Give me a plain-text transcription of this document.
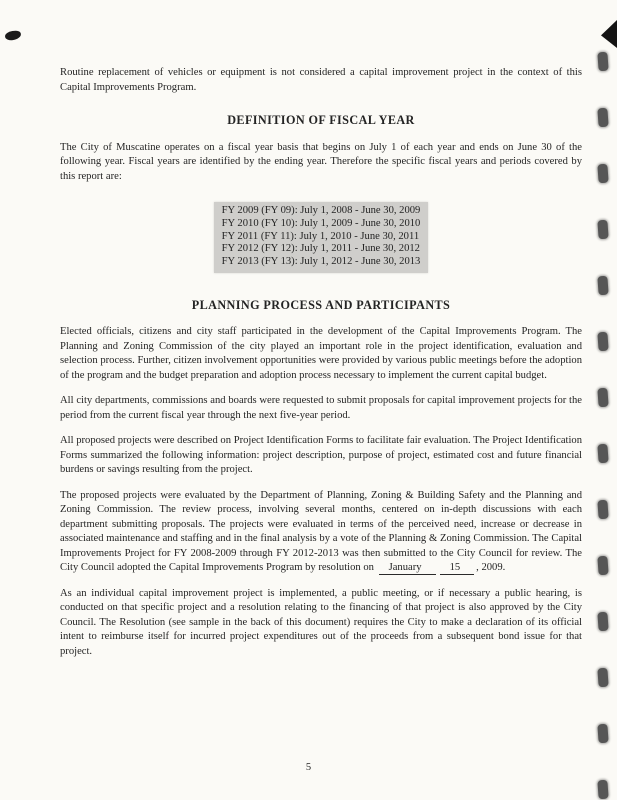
Routine replacement of vehicles or equipment is not considered a capital improvement project in the context of this Capital Improvements Program.

DEFINITION OF FISCAL YEAR

The City of Muscatine operates on a fiscal year basis that begins on July 1 of each year and ends on June 30 of the following year. Fiscal years are identified by the ending year. Therefore the specific fiscal years and periods covered by this report are:

FY 2009 (FY 09): July 1, 2008 - June 30, 2009
FY 2010 (FY 10): July 1, 2009 - June 30, 2010
FY 2011 (FY 11): July 1, 2010 - June 30, 2011
FY 2012 (FY 12): July 1, 2011 - June 30, 2012
FY 2013 (FY 13): July 1, 2012 - June 30, 2013
PLANNING PROCESS AND PARTICIPANTS

Elected officials, citizens and city staff participated in the development of the Capital Improvements Program. The Planning and Zoning Commission of the city played an important role in the project identification, evaluation and selection process. Further, citizen involvement opportunities were provided by various public meetings before the adoption of the program and the budget preparation and adoption process necessary to implement the current capital budget.

All city departments, commissions and boards were requested to submit proposals for capital improvement projects for the period from the current fiscal year through the next five-year period.

All proposed projects were described on Project Identification Forms to facilitate fair evaluation. The Project Identification Forms summarized the following information: project description, purpose of project, estimated cost and future financial burdens or savings resulting from the project.

The proposed projects were evaluated by the Department of Planning, Zoning & Building Safety and the Planning and Zoning Commission. The review process, involving several months, centered on in-depth discussions with each department submitting proposals. The projects were evaluated in terms of the perceived need, increase or decrease in associated maintenance and staffing and in the final analysis by a vote of the Planning & Zoning Commission. The Capital Improvements Project for FY 2008-2009 through FY 2012-2013 was then submitted to the City Council for review. The City Council adopted the Capital Improvements Program by resolution on January	15 , 2009.

As an individual capital improvement project is implemented, a public meeting, or if necessary a public hearing, is conducted on that specific project and a resolution relating to the financing of that project is also approved by the City Council. The Resolution (see sample in the back of this document) requires the City to make a declaration of its official intent to reimburse itself for incurred project expenditures out of the proceeds from a subsequent bond issue for that project.

5
